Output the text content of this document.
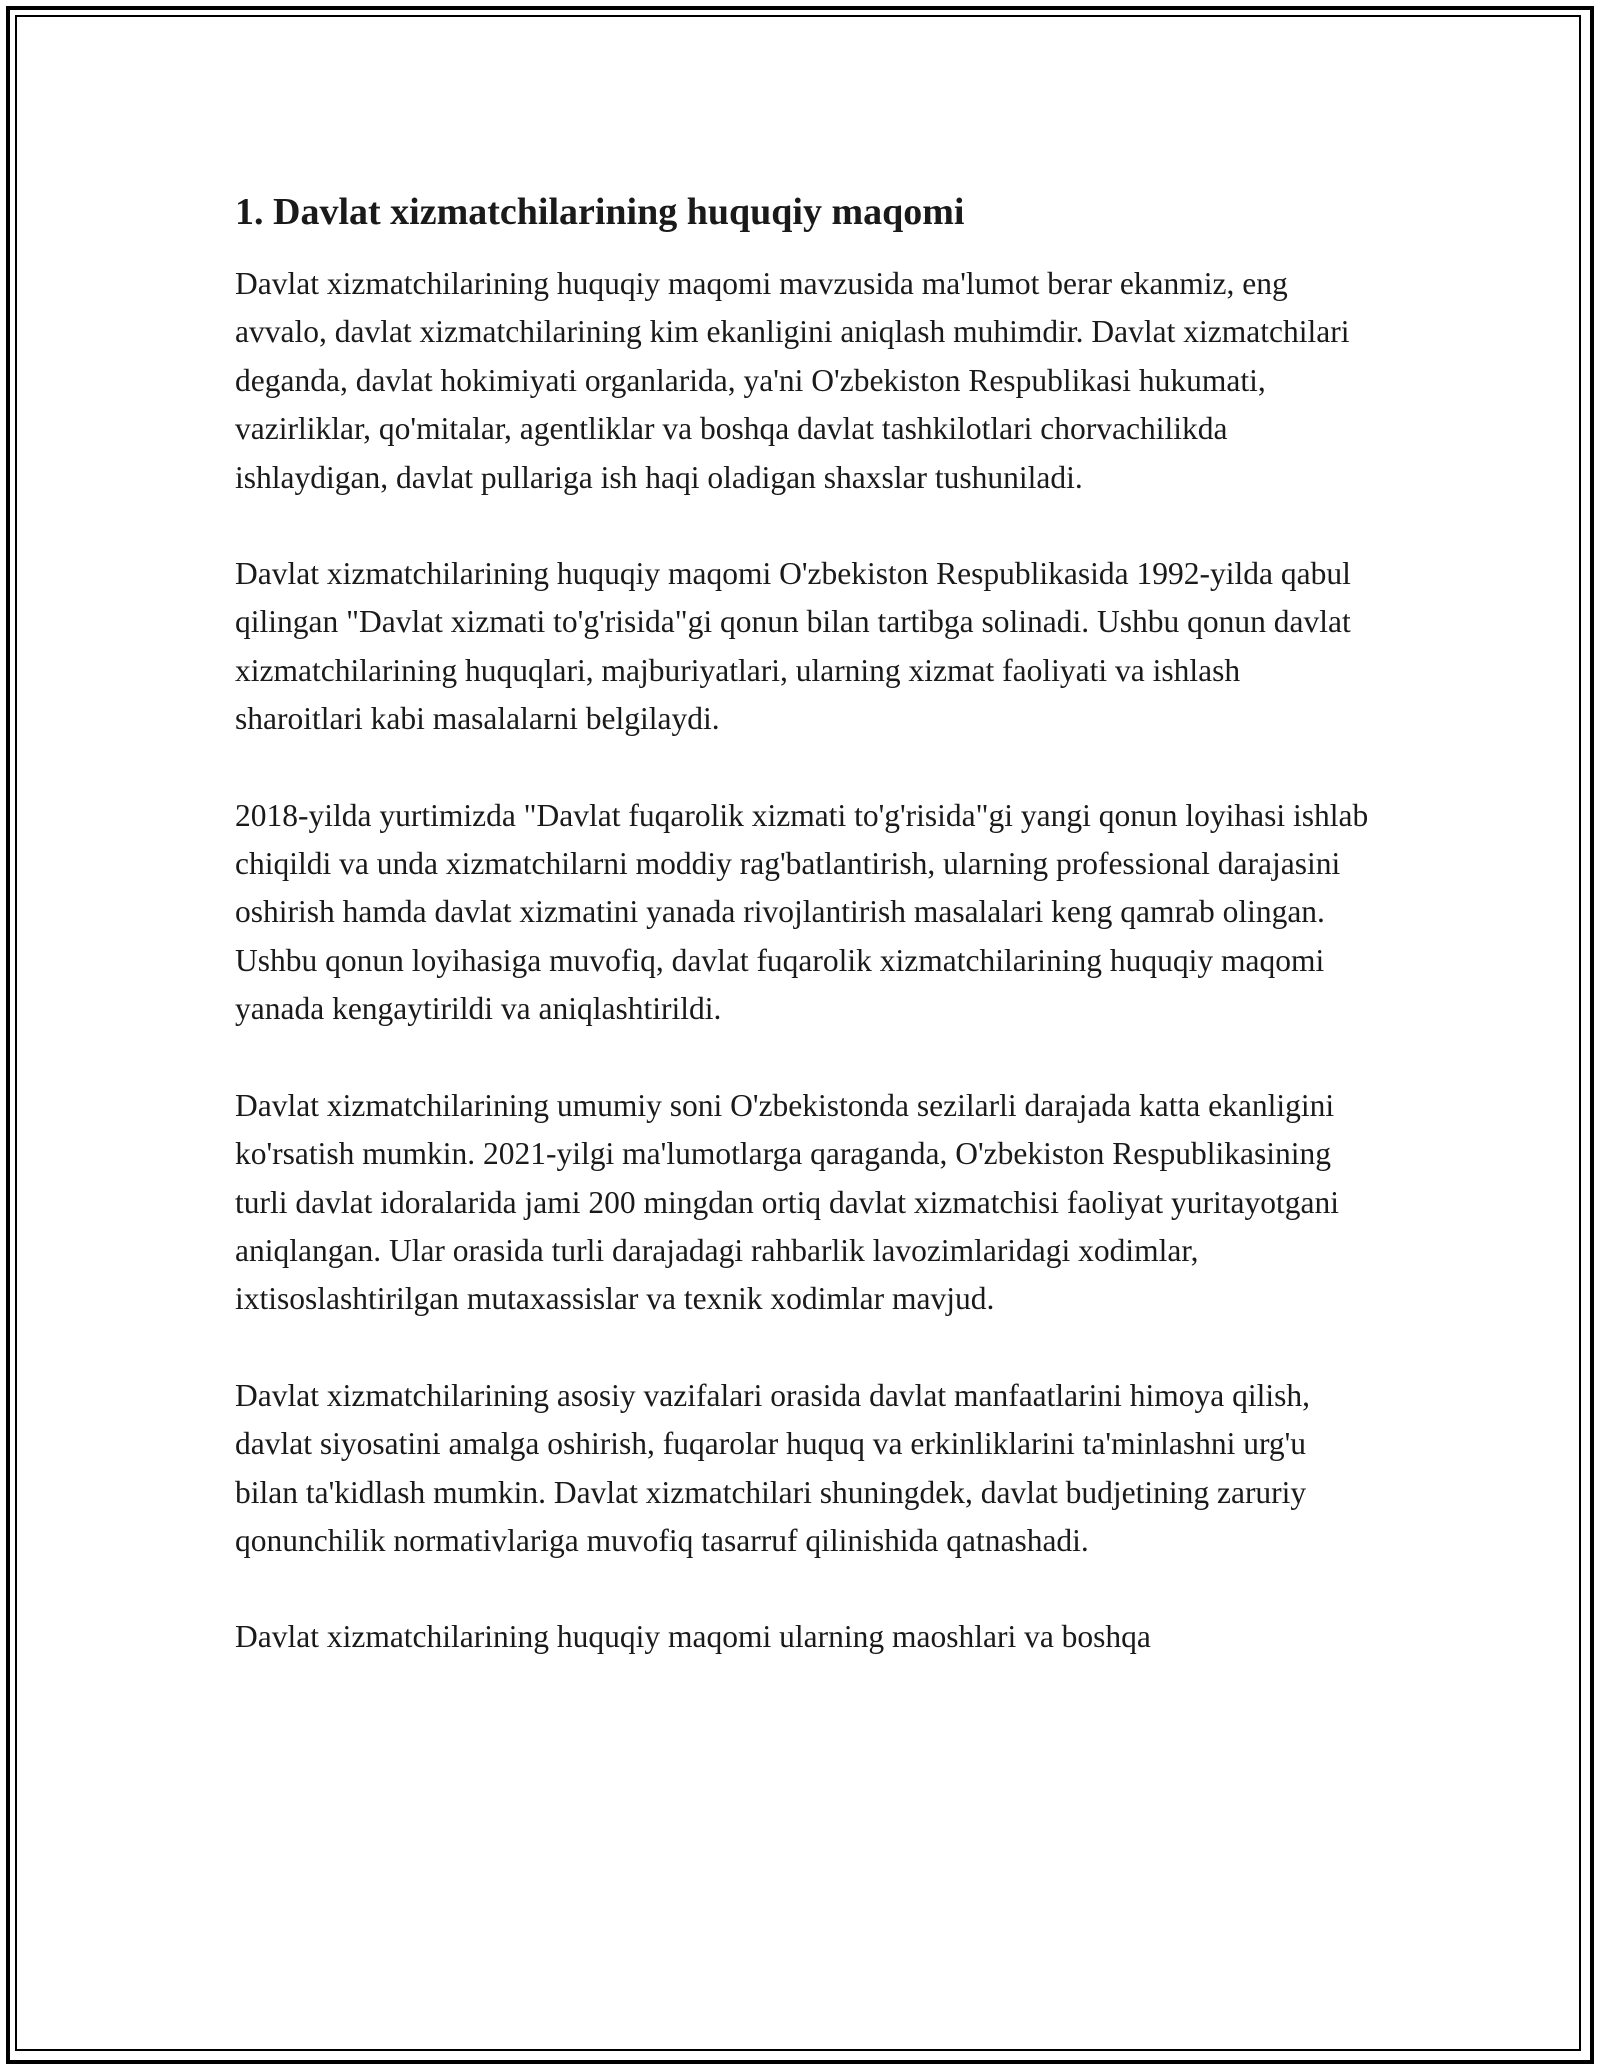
1. Davlat xizmatchilarining huquqiy maqomi

Davlat xizmatchilarining huquqiy maqomi mavzusida ma'lumot berar ekanmiz, eng avvalo, davlat xizmatchilarining kim ekanligini aniqlash muhimdir. Davlat xizmatchilari deganda, davlat hokimiyati organlarida, ya'ni O'zbekiston Respublikasi hukumati, vazirliklar, qo'mitalar, agentliklar va boshqa davlat tashkilotlari chorvachilikda ishlaydigan, davlat pullariga ish haqi oladigan shaxslar tushuniladi.

Davlat xizmatchilarining huquqiy maqomi O'zbekiston Respublikasida 1992-yilda qabul qilingan "Davlat xizmati to'g'risida"gi qonun bilan tartibga solinadi. Ushbu qonun davlat xizmatchilarining huquqlari, majburiyatlari, ularning xizmat faoliyati va ishlash sharoitlari kabi masalalarni belgilaydi.

2018-yilda yurtimizda "Davlat fuqarolik xizmati to'g'risida"gi yangi qonun loyihasi ishlab chiqildi va unda xizmatchilarni moddiy rag'batlantirish, ularning professional darajasini oshirish hamda davlat xizmatini yanada rivojlantirish masalalari keng qamrab olingan. Ushbu qonun loyihasiga muvofiq, davlat fuqarolik xizmatchilarining huquqiy maqomi yanada kengaytirildi va aniqlashtirildi.

Davlat xizmatchilarining umumiy soni O'zbekistonda sezilarli darajada katta ekanligini ko'rsatish mumkin. 2021-yilgi ma'lumotlarga qaraganda, O'zbekiston Respublikasining turli davlat idoralarida jami 200 mingdan ortiq davlat xizmatchisi faoliyat yuritayotgani aniqlangan. Ular orasida turli darajadagi rahbarlik lavozimlaridagi xodimlar, ixtisoslashtirilgan mutaxassislar va texnik xodimlar mavjud.

Davlat xizmatchilarining asosiy vazifalari orasida davlat manfaatlarini himoya qilish, davlat siyosatini amalga oshirish, fuqarolar huquq va erkinliklarini ta'minlashni urg'u bilan ta'kidlash mumkin. Davlat xizmatchilari shuningdek, davlat budjetining zaruriy qonunchilik normativlariga muvofiq tasarruf qilinishida qatnashadi.

Davlat xizmatchilarining huquqiy maqomi ularning maoshlari va boshqa
